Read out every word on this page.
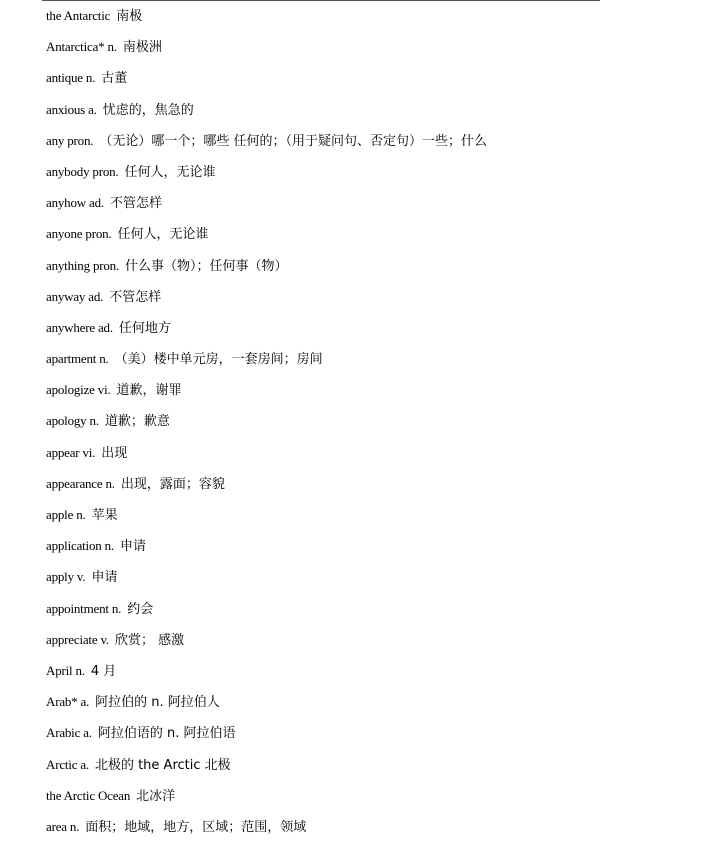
the Antarctic 南极
Antarctica* n. 南极洲
antique n. 古董
anxious a. 忧虑的，焦急的
any pron. （无论）哪一个；哪些 任何的；（用于疑问句、否定句）一些；什么
anybody pron. 任何人，无论谁
anyhow ad. 不管怎样
anyone pron. 任何人，无论谁
anything pron. 什么事（物）；任何事（物）
anyway ad. 不管怎样
anywhere ad. 任何地方
apartment n. （美）楼中单元房，一套房间；房间
apologize vi. 道歉，谢罪
apology n. 道歉；歉意
appear vi. 出现
appearance n. 出现，露面；容貌
apple n. 苹果
application n. 申请
apply v. 申请
appointment n. 约会
appreciate v. 欣赏； 感激
April n. 4 月
Arab* a. 阿拉伯的 n. 阿拉伯人
Arabic a. 阿拉伯语的 n. 阿拉伯语
Arctic a. 北极的 the Arctic 北极
the Arctic Ocean 北冰洋
area n. 面积；地域，地方，区域；范围，领域
